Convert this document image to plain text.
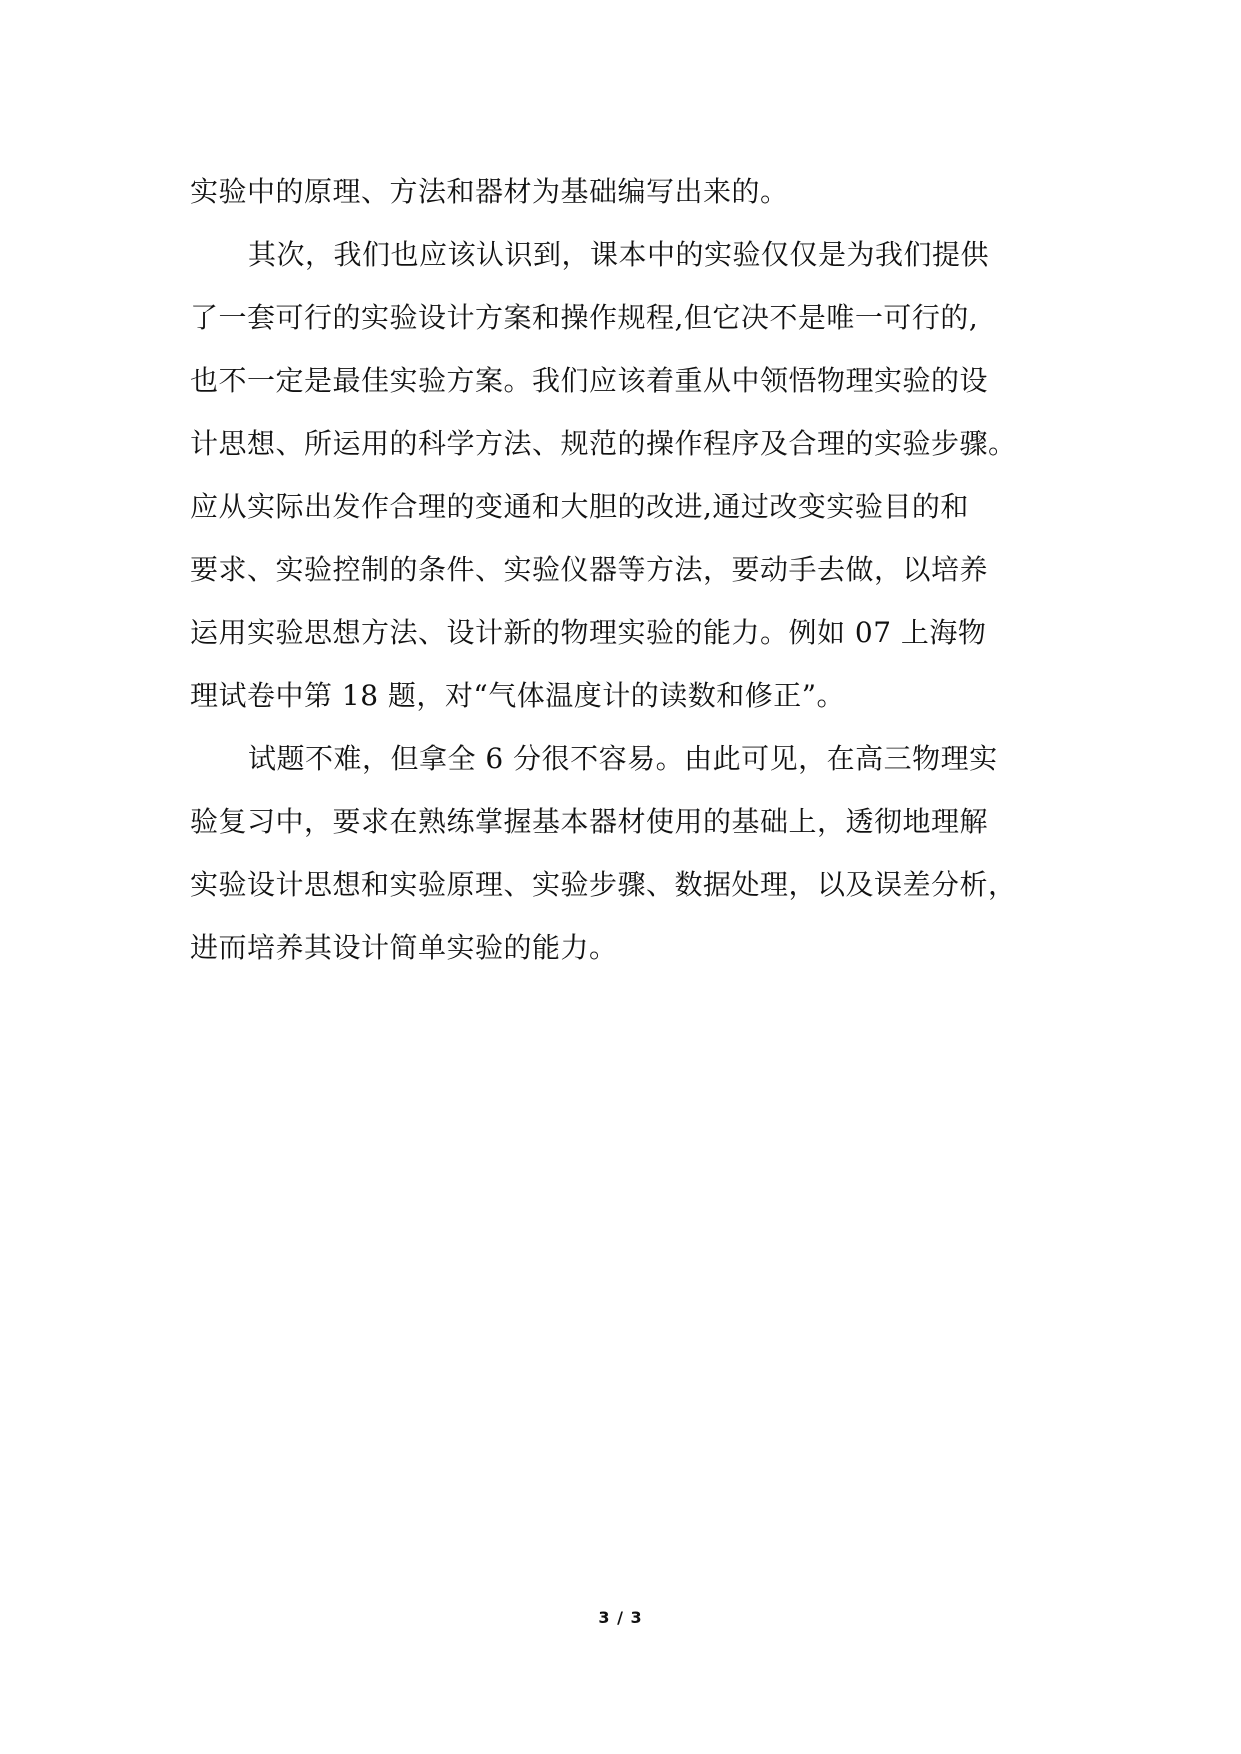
实验中的原理、方法和器材为基础编写出来的。
其次，我们也应该认识到，课本中的实验仅仅是为我们提供
了一套可行的实验设计方案和操作规程,但它决不是唯一可行的,
也不一定是最佳实验方案。我们应该着重从中领悟物理实验的设
计思想、所运用的科学方法、规范的操作程序及合理的实验步骤。
应从实际出发作合理的变通和大胆的改进,通过改变实验目的和
要求、实验控制的条件、实验仪器等方法，要动手去做，以培养
运用实验思想方法、设计新的物理实验的能力。例如 07 上海物
理试卷中第 18 题，对“气体温度计的读数和修正”。
试题不难，但拿全 6 分很不容易。由此可见，在高三物理实
验复习中，要求在熟练掌握基本器材使用的基础上，透彻地理解
实验设计思想和实验原理、实验步骤、数据处理，以及误差分析，
进而培养其设计简单实验的能力。
3 / 3
